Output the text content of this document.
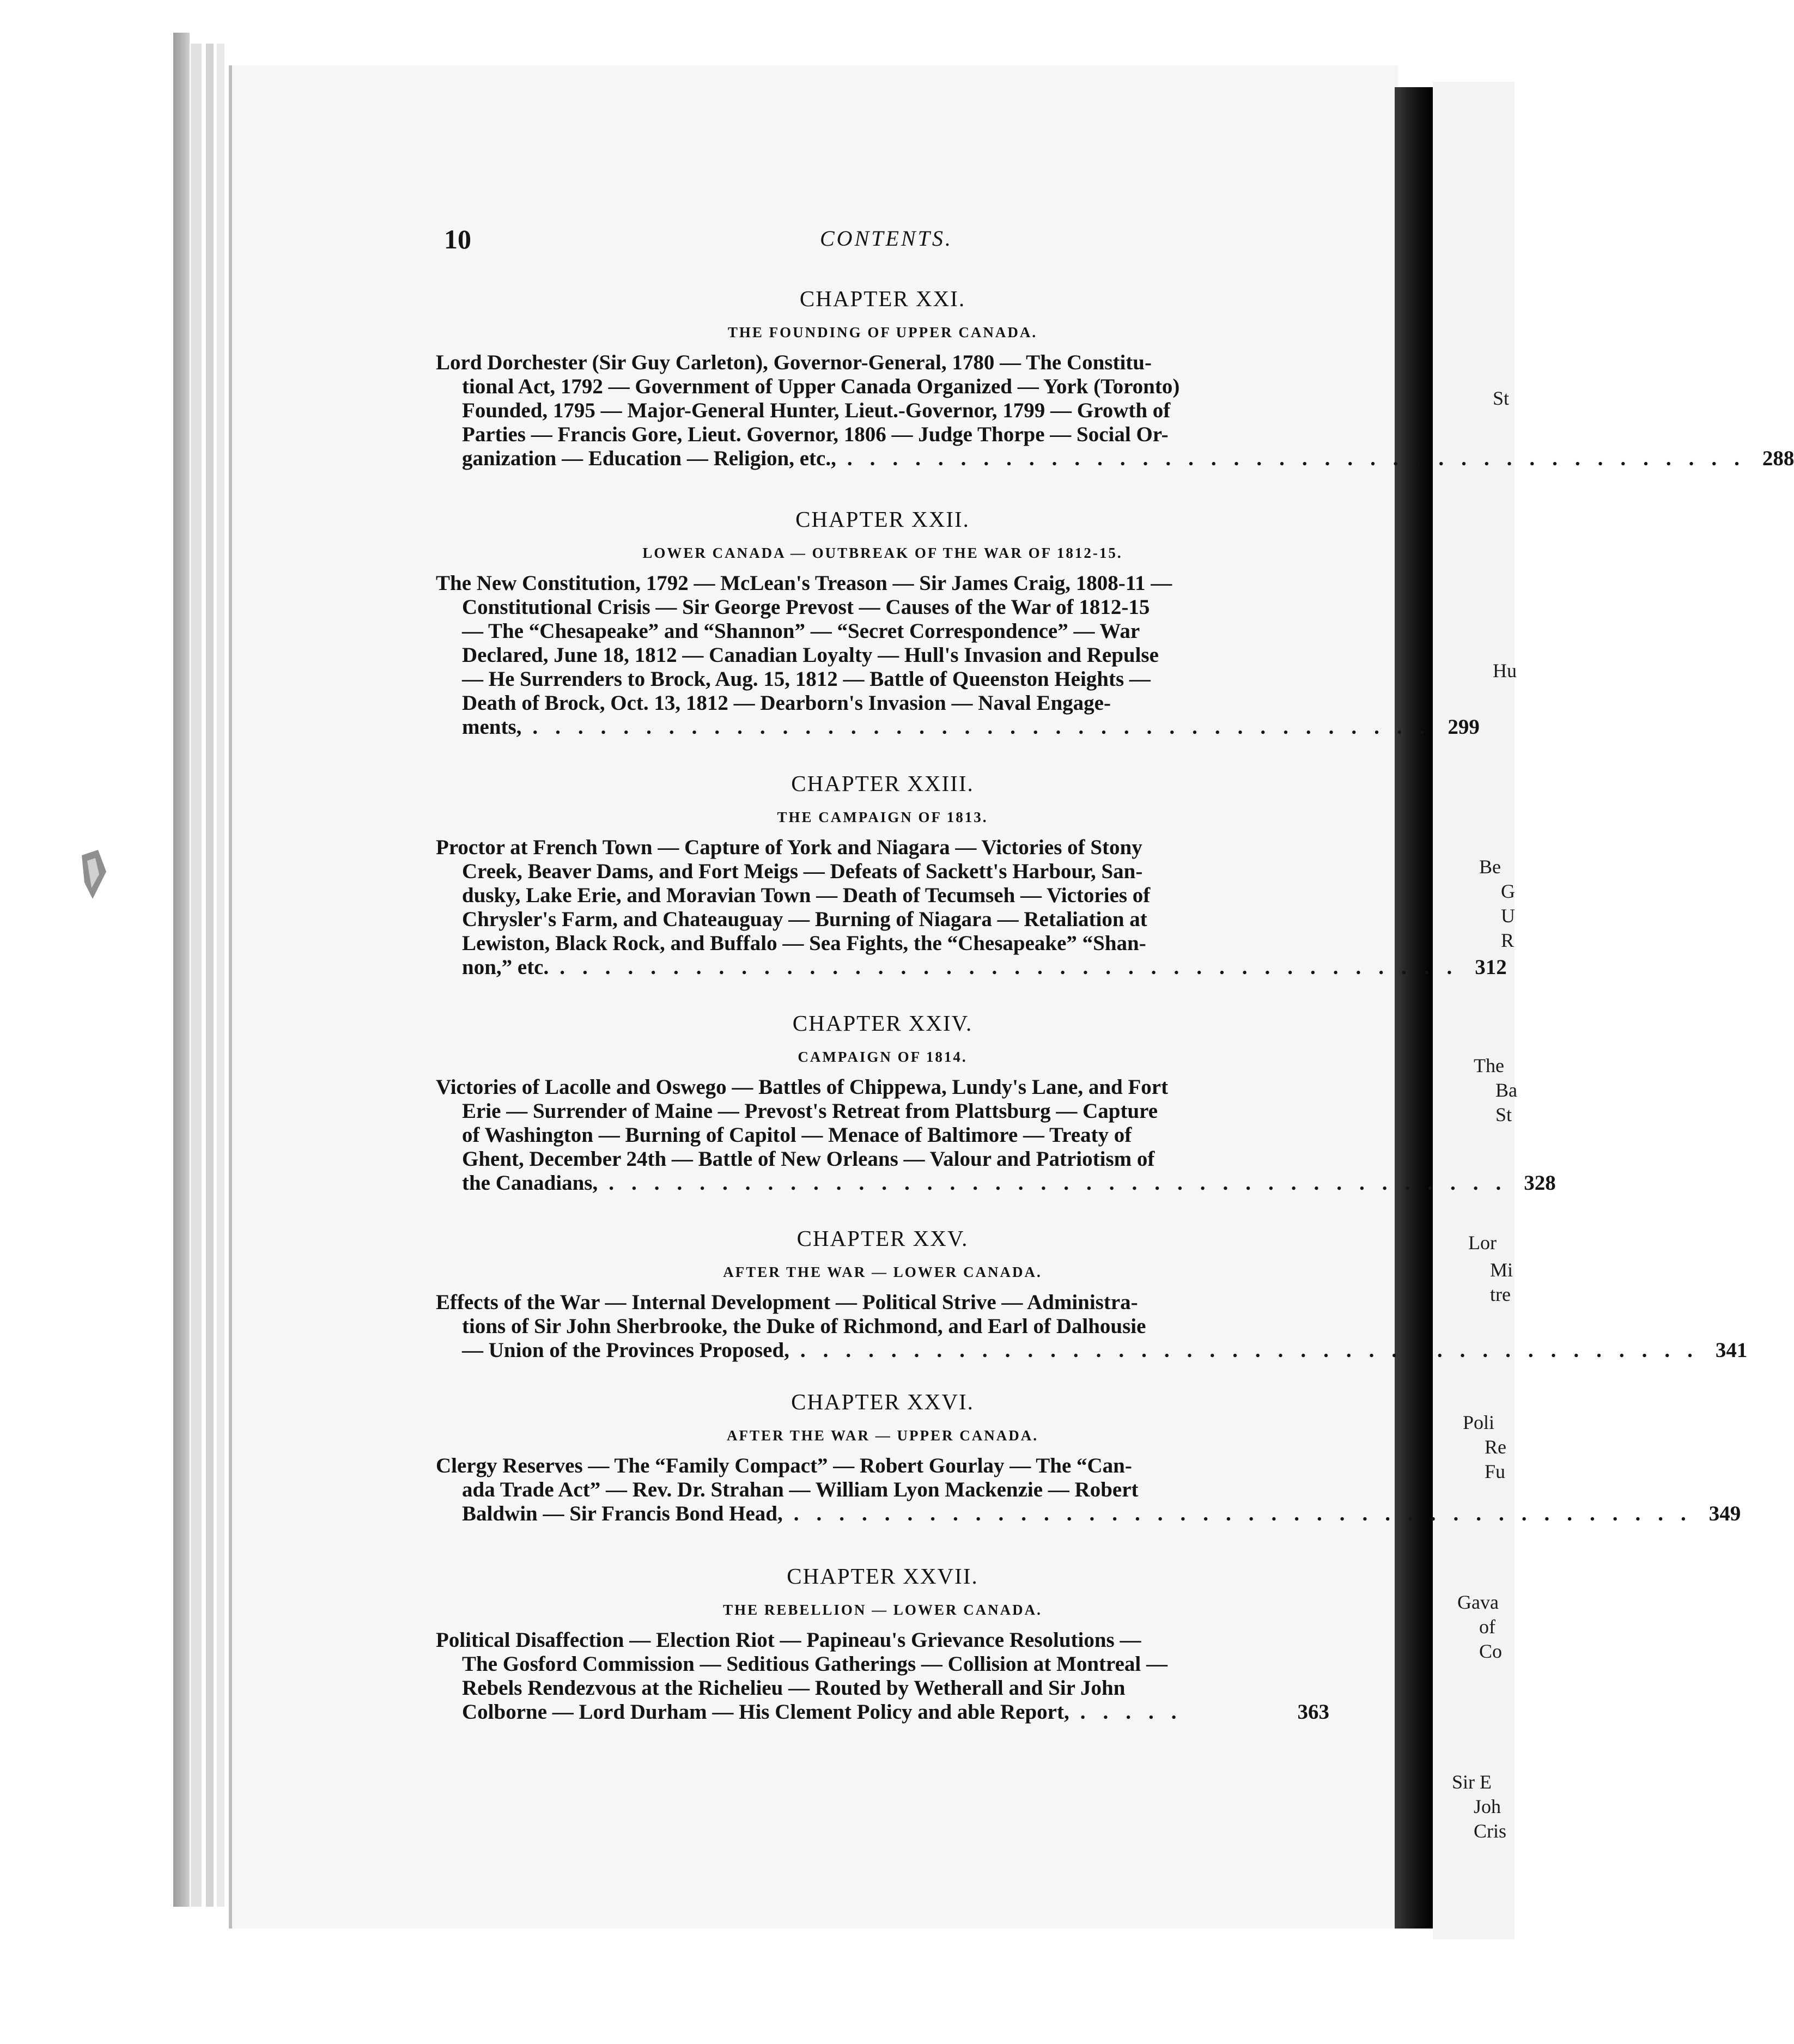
St
Hu
Be
G
U
R
The
Ba
St
Lor
Mi
tre
Poli
Re
Fu
Gava
of
Co
Sir E
Joh
Cris
10	CONTENTS.
CHAPTER XXI.
THE FOUNDING OF UPPER CANADA.
Lord Dorchester (Sir Guy Carleton), Governor-General, 1780 — The Constitu-
tional Act, 1792 — Government of Upper Canada Organized — York (Toronto)
Founded, 1795 — Major-General Hunter, Lieut.-Governor, 1799 — Growth of
Parties — Francis Gore, Lieut. Governor, 1806 — Judge Thorpe — Social Or-
ganization — Education — Religion, etc., ........................................ 288
CHAPTER XXII.
LOWER CANADA — OUTBREAK OF THE WAR OF 1812-15.
The New Constitution, 1792 — McLean's Treason — Sir James Craig, 1808-11 —
Constitutional Crisis — Sir George Prevost — Causes of the War of 1812-15
— The “Chesapeake” and “Shannon” — “Secret Correspondence” — War
Declared, June 18, 1812 — Canadian Loyalty — Hull's Invasion and Repulse
— He Surrenders to Brock, Aug. 15, 1812 — Battle of Queenston Heights —
Death of Brock, Oct. 13, 1812 — Dearborn's Invasion — Naval Engage-
ments, ........................................ 299
CHAPTER XXIII.
THE CAMPAIGN OF 1813.
Proctor at French Town — Capture of York and Niagara — Victories of Stony
Creek, Beaver Dams, and Fort Meigs — Defeats of Sackett's Harbour, San-
dusky, Lake Erie, and Moravian Town — Death of Tecumseh — Victories of
Chrysler's Farm, and Chateauguay — Burning of Niagara — Retaliation at
Lewiston, Black Rock, and Buffalo — Sea Fights, the “Chesapeake” “Shan-
non,” etc. ........................................ 312
CHAPTER XXIV.
CAMPAIGN OF 1814.
Victories of Lacolle and Oswego — Battles of Chippewa, Lundy's Lane, and Fort
Erie — Surrender of Maine — Prevost's Retreat from Plattsburg — Capture
of Washington — Burning of Capitol — Menace of Baltimore — Treaty of
Ghent, December 24th — Battle of New Orleans — Valour and Patriotism of
the Canadians, ........................................ 328
CHAPTER XXV.
AFTER THE WAR — LOWER CANADA.
Effects of the War — Internal Development — Political Strive — Administra-
tions of Sir John Sherbrooke, the Duke of Richmond, and Earl of Dalhousie
— Union of the Provinces Proposed, ........................................ 341
CHAPTER XXVI.
AFTER THE WAR — UPPER CANADA.
Clergy Reserves — The “Family Compact” — Robert Gourlay — The “Can-
ada Trade Act” — Rev. Dr. Strahan — William Lyon Mackenzie — Robert
Baldwin — Sir Francis Bond Head, ........................................ 349
CHAPTER XXVII.
THE REBELLION — LOWER CANADA.
Political Disaffection — Election Riot — Papineau's Grievance Resolutions —
The Gosford Commission — Seditious Gatherings — Collision at Montreal —
Rebels Rendezvous at the Richelieu — Routed by Wetherall and Sir John
Colborne — Lord Durham — His Clement Policy and able Report, .....	363
